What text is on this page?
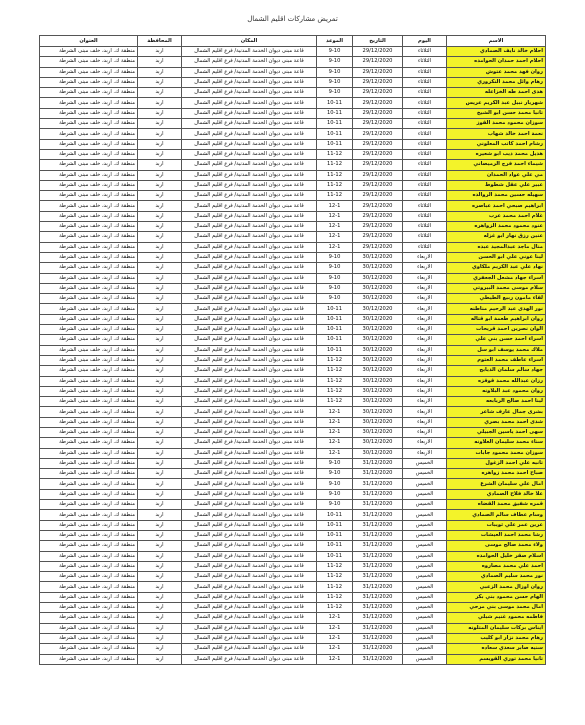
تمريض مشاركات اقليم الشمال
الاسم	اليوم	التاريخ	الموعد	المكان	المحافظة	العنوان
احلام خالد نايف الصمادي	الثلاثاء	29/12/2020	9-10	قاعة مبنى ديوان الخدمة المدنية/ فرع اقليم الشمال	اربد	منطقة ك. اربد، خلف مبنى الشرطة
احلام احمد حمدان الحوامده	الثلاثاء	29/12/2020	9-10	قاعة مبنى ديوان الخدمة المدنية/ فرع اقليم الشمال	اربد	منطقة ك. اربد، خلف مبنى الشرطة
روان فهد محمد عتوش	الثلاثاء	29/12/2020	9-10	قاعة مبنى ديوان الخدمة المدنية/ فرع اقليم الشمال	اربد	منطقة ك. اربد، خلف مبنى الشرطة
رهام وائل محمد النكروري	الثلاثاء	29/12/2020	9-10	قاعة مبنى ديوان الخدمة المدنية/ فرع اقليم الشمال	اربد	منطقة ك. اربد، خلف مبنى الشرطة
هدى احمد طه الخزاعله	الثلاثاء	29/12/2020	9-10	قاعة مبنى ديوان الخدمة المدنية/ فرع اقليم الشمال	اربد	منطقة ك. اربد، خلف مبنى الشرطة
شهريار نبيل عبد الكريم عريس	الثلاثاء	29/12/2020	10-11	قاعة مبنى ديوان الخدمة المدنية/ فرع اقليم الشمال	اربد	منطقة ك. اربد، خلف مبنى الشرطة
تانيا محمد حسن ابو الشيخ	الثلاثاء	29/12/2020	10-11	قاعة مبنى ديوان الخدمة المدنية/ فرع اقليم الشمال	اربد	منطقة ك. اربد، خلف مبنى الشرطة
سوزان محمود محمد القوز	الثلاثاء	29/12/2020	10-11	قاعة مبنى ديوان الخدمة المدنية/ فرع اقليم الشمال	اربد	منطقة ك. اربد، خلف مبنى الشرطة
نعمة احمد خالد شهاب	الثلاثاء	29/12/2020	10-11	قاعة مبنى ديوان الخدمة المدنية/ فرع اقليم الشمال	اربد	منطقة ك. اربد، خلف مبنى الشرطة
رشام احمد كاتب المعلوني	الثلاثاء	29/12/2020	10-11	قاعة مبنى ديوان الخدمة المدنية/ فرع اقليم الشمال	اربد	منطقة ك. اربد، خلف مبنى الشرطة
هديل محمد ذيب ابو شعيره	الثلاثاء	29/12/2020	11-12	قاعة مبنى ديوان الخدمة المدنية/ فرع اقليم الشمال	اربد	منطقة ك. اربد، خلف مبنى الشرطة
شيماء احمد فرج الرميصاني	الثلاثاء	29/12/2020	11-12	قاعة مبنى ديوان الخدمة المدنية/ فرع اقليم الشمال	اربد	منطقة ك. اربد، خلف مبنى الشرطة
مي علي عواد الحمدان	الثلاثاء	29/12/2020	11-12	قاعة مبنى ديوان الخدمة المدنية/ فرع اقليم الشمال	اربد	منطقة ك. اربد، خلف مبنى الشرطة
عبير علي عقل شطوط	الثلاثاء	29/12/2020	11-12	قاعة مبنى ديوان الخدمة المدنية/ فرع اقليم الشمال	اربد	منطقة ك. اربد، خلف مبنى الشرطة
سهيله حسين محمد الروالده	الثلاثاء	29/12/2020	11-12	قاعة مبنى ديوان الخدمة المدنية/ فرع اقليم الشمال	اربد	منطقة ك. اربد، خلف مبنى الشرطة
ابراهيم صبحي احمد عباصره	الثلاثاء	29/12/2020	12-1	قاعة مبنى ديوان الخدمة المدنية/ فرع اقليم الشمال	اربد	منطقة ك. اربد، خلف مبنى الشرطة
غلام احمد محمد عرب	الثلاثاء	29/12/2020	12-1	قاعة مبنى ديوان الخدمة المدنية/ فرع اقليم الشمال	اربد	منطقة ك. اربد، خلف مبنى الشرطة
عنود محمود محمد الزواهره	الثلاثاء	29/12/2020	12-1	قاعة مبنى ديوان الخدمة المدنية/ فرع اقليم الشمال	اربد	منطقة ك. اربد، خلف مبنى الشرطة
عنين رزق نهار ابو غزله	الثلاثاء	29/12/2020	12-1	قاعة مبنى ديوان الخدمة المدنية/ فرع اقليم الشمال	اربد	منطقة ك. اربد، خلف مبنى الشرطة
منال ماجد عبدالمجيد عبده	الثلاثاء	29/12/2020	12-1	قاعة مبنى ديوان الخدمة المدنية/ فرع اقليم الشمال	اربد	منطقة ك. اربد، خلف مبنى الشرطة
لينا عوني علي ابو الحسن	الاربعاء	30/12/2020	9-10	قاعة مبنى ديوان الخدمة المدنية/ فرع اقليم الشمال	اربد	منطقة ك. اربد، خلف مبنى الشرطة
نهاد علي عبد الكريم ملكاوي	الاربعاء	30/12/2020	9-10	قاعة مبنى ديوان الخدمة المدنية/ فرع اقليم الشمال	اربد	منطقة ك. اربد، خلف مبنى الشرطة
اسراء جهاد مشعل الجعفري	الاربعاء	30/12/2020	9-10	قاعة مبنى ديوان الخدمة المدنية/ فرع اقليم الشمال	اربد	منطقة ك. اربد، خلف مبنى الشرطة
سلام موسى محمد البيروتي	الاربعاء	30/12/2020	9-10	قاعة مبنى ديوان الخدمة المدنية/ فرع اقليم الشمال	اربد	منطقة ك. اربد، خلف مبنى الشرطة
لقاء مامون ربيع الطيطي	الاربعاء	30/12/2020	9-10	قاعة مبنى ديوان الخدمة المدنية/ فرع اقليم الشمال	اربد	منطقة ك. اربد، خلف مبنى الشرطة
نور الهدى عبد الرحيم مناطنه	الاربعاء	30/12/2020	10-11	قاعة مبنى ديوان الخدمة المدنية/ فرع اقليم الشمال	اربد	منطقة ك. اربد، خلف مبنى الشرطة
روان ابراهيم طعمة ابو قتاله	الاربعاء	30/12/2020	10-11	قاعة مبنى ديوان الخدمة المدنية/ فرع اقليم الشمال	اربد	منطقة ك. اربد، خلف مبنى الشرطة
الوان نصرين احمد قريحات	الاربعاء	30/12/2020	10-11	قاعة مبنى ديوان الخدمة المدنية/ فرع اقليم الشمال	اربد	منطقة ك. اربد، خلف مبنى الشرطة
اسراء احمد حسن بني علي	الاربعاء	30/12/2020	10-11	قاعة مبنى ديوان الخدمة المدنية/ فرع اقليم الشمال	اربد	منطقة ك. اربد، خلف مبنى الشرطة
ملاك محمد يوسف ابو سل	الاربعاء	30/12/2020	10-11	قاعة مبنى ديوان الخدمة المدنية/ فرع اقليم الشمال	اربد	منطقة ك. اربد، خلف مبنى الشرطة
اسراء عاطف محمد العتوم	الاربعاء	30/12/2020	11-12	قاعة مبنى ديوان الخدمة المدنية/ فرع اقليم الشمال	اربد	منطقة ك. اربد، خلف مبنى الشرطة
جهاد سالم سلمان الذيابج	الاربعاء	30/12/2020	11-12	قاعة مبنى ديوان الخدمة المدنية/ فرع اقليم الشمال	اربد	منطقة ك. اربد، خلف مبنى الشرطة
رزان عبدالله محمد قوقزه	الاربعاء	30/12/2020	11-12	قاعة مبنى ديوان الخدمة المدنية/ فرع اقليم الشمال	اربد	منطقة ك. اربد، خلف مبنى الشرطة
روان محمود عبد البلاونه	الاربعاء	30/12/2020	11-12	قاعة مبنى ديوان الخدمة المدنية/ فرع اقليم الشمال	اربد	منطقة ك. اربد، خلف مبنى الشرطة
لينا احمد صالح الربابعه	الاربعاء	30/12/2020	11-12	قاعة مبنى ديوان الخدمة المدنية/ فرع اقليم الشمال	اربد	منطقة ك. اربد، خلف مبنى الشرطة
بشرى جمال عارف شاعر	الاربعاء	30/12/2020	12-1	قاعة مبنى ديوان الخدمة المدنية/ فرع اقليم الشمال	اربد	منطقة ك. اربد، خلف مبنى الشرطة
شذى احمد محمد بصري	الاربعاء	30/12/2020	12-1	قاعة مبنى ديوان الخدمة المدنية/ فرع اقليم الشمال	اربد	منطقة ك. اربد، خلف مبنى الشرطة
سهى احمد ياسين الجبيلي	الاربعاء	30/12/2020	12-1	قاعة مبنى ديوان الخدمة المدنية/ فرع اقليم الشمال	اربد	منطقة ك. اربد، خلف مبنى الشرطة
سناء محمد سليمان العلاونه	الاربعاء	30/12/2020	12-1	قاعة مبنى ديوان الخدمة المدنية/ فرع اقليم الشمال	اربد	منطقة ك. اربد، خلف مبنى الشرطة
سوزان محمد محمود جابات	الاربعاء	30/12/2020	12-1	قاعة مبنى ديوان الخدمة المدنية/ فرع اقليم الشمال	اربد	منطقة ك. اربد، خلف مبنى الشرطة
تانيه علي احمد الزغول	الخميس	31/12/2020	9-10	قاعة مبنى ديوان الخدمة المدنية/ فرع اقليم الشمال	اربد	منطقة ك. اربد، خلف مبنى الشرطة
صباح احمد محمد زواهره	الخميس	31/12/2020	9-10	قاعة مبنى ديوان الخدمة المدنية/ فرع اقليم الشمال	اربد	منطقة ك. اربد، خلف مبنى الشرطة
امال علي سليمان الشرع	الخميس	31/12/2020	9-10	قاعة مبنى ديوان الخدمة المدنية/ فرع اقليم الشمال	اربد	منطقة ك. اربد، خلف مبنى الشرطة
علا خالد فلاح الصمادي	الخميس	31/12/2020	9-10	قاعة مبنى ديوان الخدمة المدنية/ فرع اقليم الشمال	اربد	منطقة ك. اربد، خلف مبنى الشرطة
قمره شفيق محمد القضاه	الخميس	31/12/2020	9-10	قاعة مبنى ديوان الخدمة المدنية/ فرع اقليم الشمال	اربد	منطقة ك. اربد، خلف مبنى الشرطة
وسام عطاف سالم الصمادي	الخميس	31/12/2020	10-11	قاعة مبنى ديوان الخدمة المدنية/ فرع اقليم الشمال	اربد	منطقة ك. اربد، خلف مبنى الشرطة
عرين عمر علي ثويبات	الخميس	31/12/2020	10-11	قاعة مبنى ديوان الخدمة المدنية/ فرع اقليم الشمال	اربد	منطقة ك. اربد، خلف مبنى الشرطة
رشا محمد احمد العيشات	الخميس	31/12/2020	10-11	قاعة مبنى ديوان الخدمة المدنية/ فرع اقليم الشمال	اربد	منطقة ك. اربد، خلف مبنى الشرطة
ولاء محمد صالح موسى	الخميس	31/12/2020	10-11	قاعة مبنى ديوان الخدمة المدنية/ فرع اقليم الشمال	اربد	منطقة ك. اربد، خلف مبنى الشرطة
اسلام صقر خليل الحوامده	الخميس	31/12/2020	10-11	قاعة مبنى ديوان الخدمة المدنية/ فرع اقليم الشمال	اربد	منطقة ك. اربد، خلف مبنى الشرطة
احمد علي محمد مصاروه	الخميس	31/12/2020	11-12	قاعة مبنى ديوان الخدمة المدنية/ فرع اقليم الشمال	اربد	منطقة ك. اربد، خلف مبنى الشرطة
نور محمد سليم الصمادي	الخميس	31/12/2020	11-12	قاعة مبنى ديوان الخدمة المدنية/ فرع اقليم الشمال	اربد	منطقة ك. اربد، خلف مبنى الشرطة
روان اوزال محمد الزعبي	الخميس	31/12/2020	11-12	قاعة مبنى ديوان الخدمة المدنية/ فرع اقليم الشمال	اربد	منطقة ك. اربد، خلف مبنى الشرطة
الهام حسن محمود بني بكر	الخميس	31/12/2020	11-12	قاعة مبنى ديوان الخدمة المدنية/ فرع اقليم الشمال	اربد	منطقة ك. اربد، خلف مبنى الشرطة
امال محمد موسى بني مرحي	الخميس	31/12/2020	11-12	قاعة مبنى ديوان الخدمة المدنية/ فرع اقليم الشمال	اربد	منطقة ك. اربد، خلف مبنى الشرطة
فاطمه محمود غنيم شبلي	الخميس	31/12/2020	12-1	قاعة مبنى ديوان الخدمة المدنية/ فرع اقليم الشمال	اربد	منطقة ك. اربد، خلف مبنى الشرطة
ايناس بركات سليمان المتلونه	الخميس	31/12/2020	12-1	قاعة مبنى ديوان الخدمة المدنية/ فرع اقليم الشمال	اربد	منطقة ك. اربد، خلف مبنى الشرطة
رهام محمد نزار ابو كليب	الخميس	31/12/2020	12-1	قاعة مبنى ديوان الخدمة المدنية/ فرع اقليم الشمال	اربد	منطقة ك. اربد، خلف مبنى الشرطة
سنيه صابر سعدي سعاده	الخميس	31/12/2020	12-1	قاعة مبنى ديوان الخدمة المدنية/ فرع اقليم الشمال	اربد	منطقة ك. اربد، خلف مبنى الشرطة
تانيا محمد توري القويسم	الخميس	31/12/2020	12-1	قاعة مبنى ديوان الخدمة المدنية/ فرع اقليم الشمال	اربد	منطقة ك. اربد، خلف مبنى الشرطة
